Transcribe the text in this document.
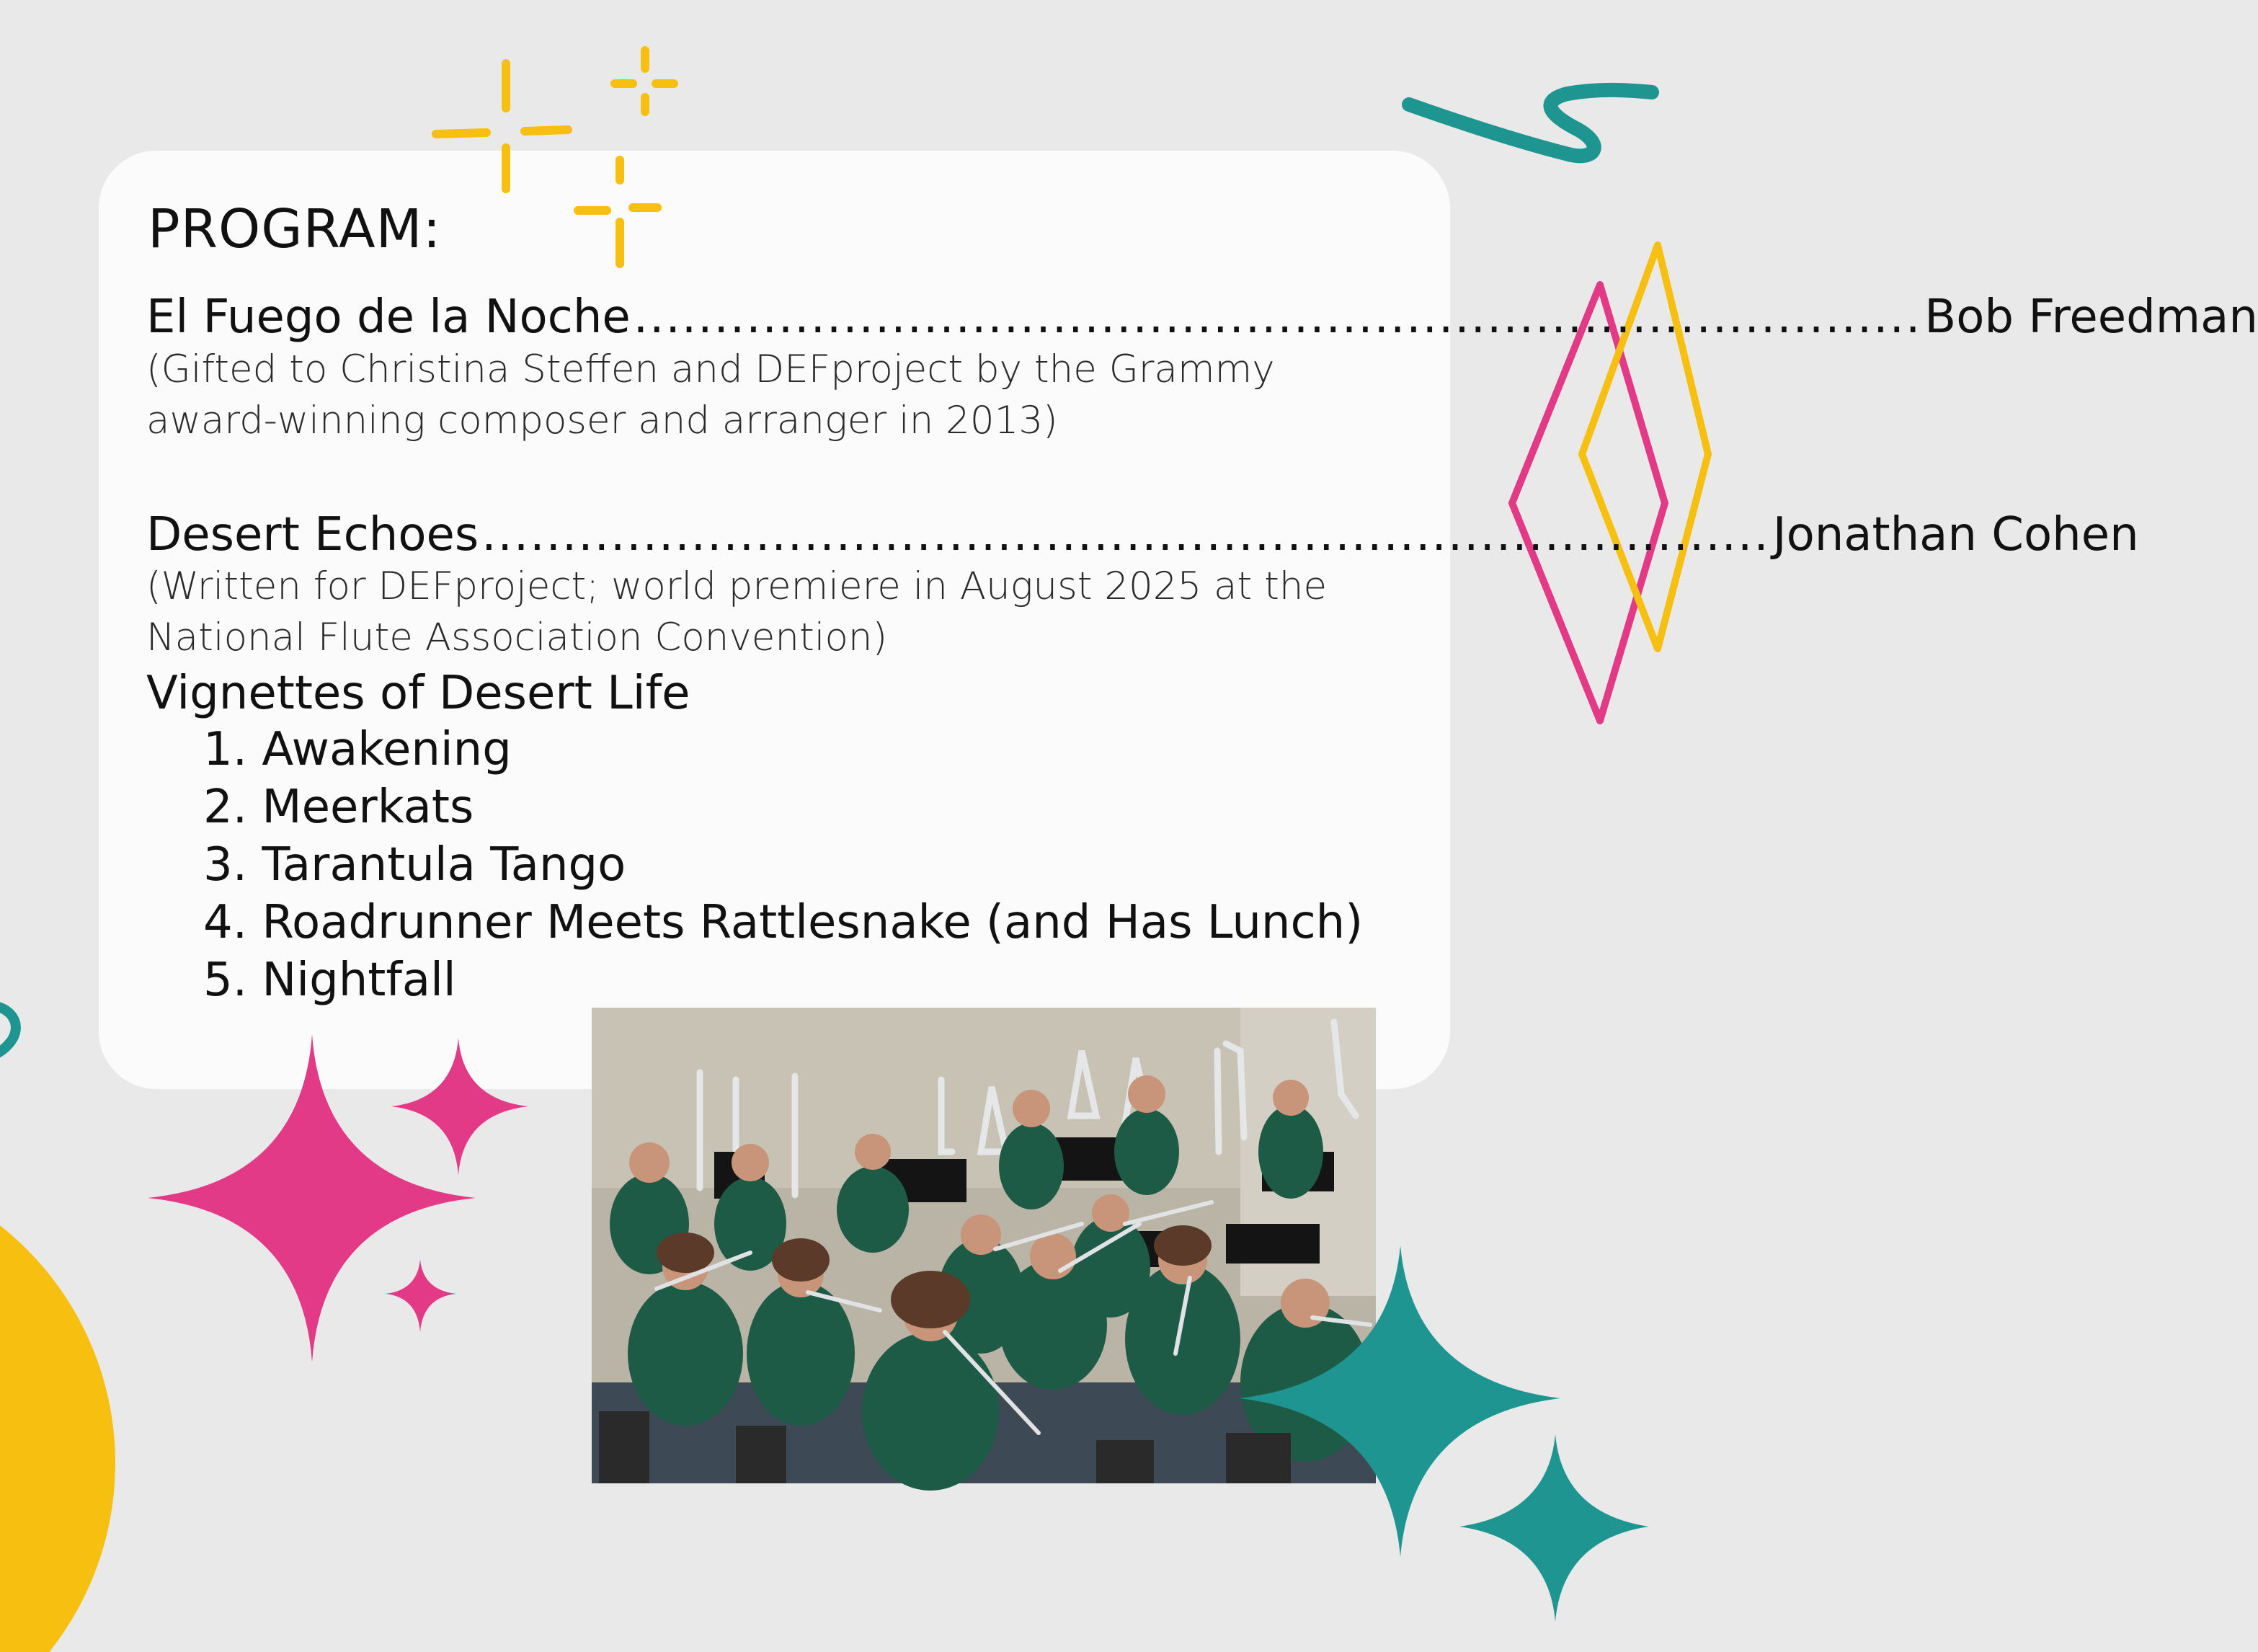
PROGRAM:
El Fuego de la Noche ................................................................................ Bob Freedman
(Gifted to Christina Steffen and DEFproject by the Grammy
award-winning composer and arranger in 2013)
Desert Echoes ................................................................................ Jonathan Cohen
(Written for DEFproject; world premiere in August 2025 at the
National Flute Association Convention)
Vignettes of Desert Life
1. Awakening
2. Meerkats
3. Tarantula Tango
4. Roadrunner Meets Rattlesnake (and Has Lunch)
5. Nightfall
